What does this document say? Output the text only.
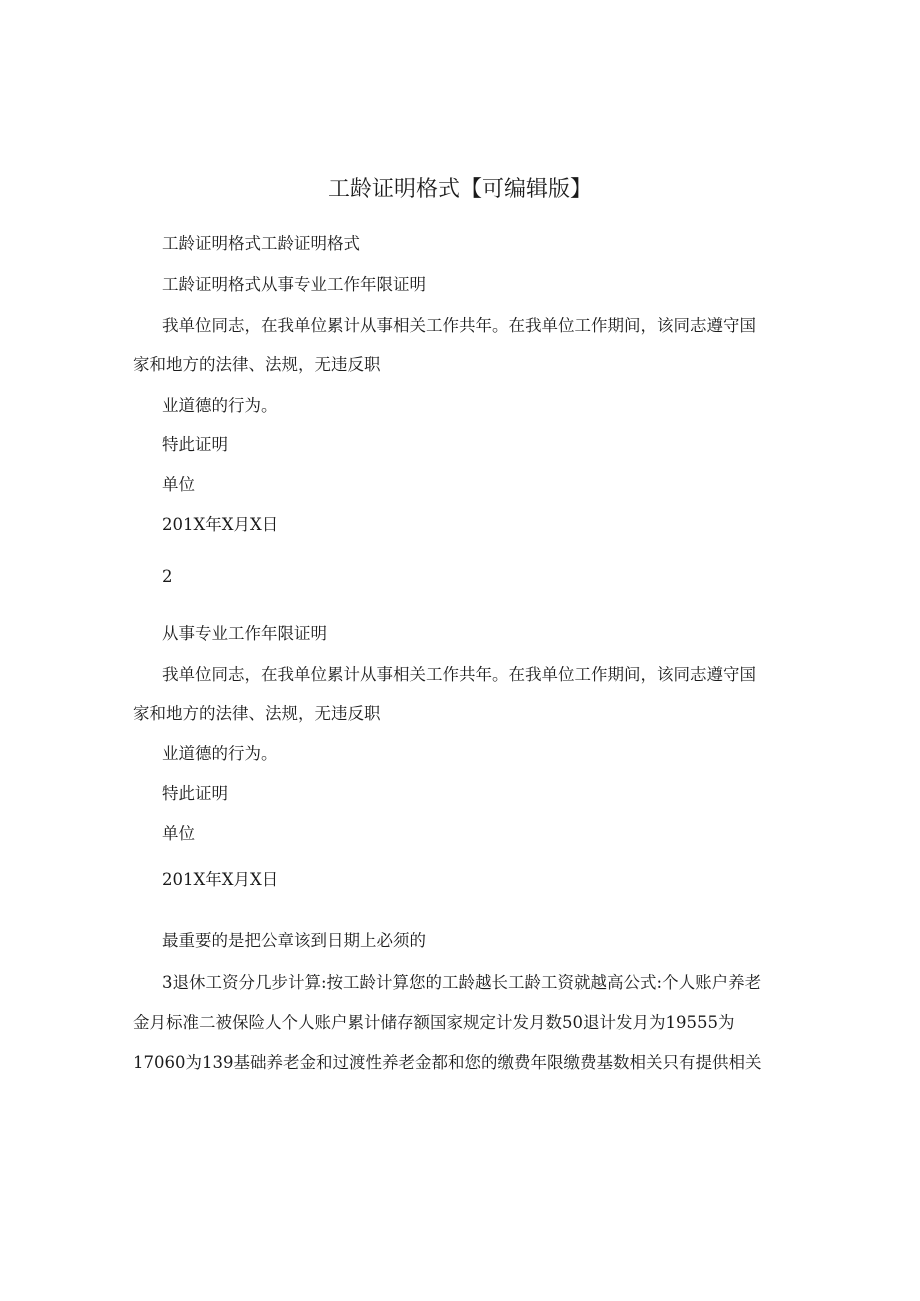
工龄证明格式【可编辑版】
工龄证明格式工龄证明格式
工龄证明格式从事专业工作年限证明
我单位同志，在我单位累计从事相关工作共年。在我单位工作期间，该同志遵守国
家和地方的法律、法规，无违反职
业道德的行为。
特此证明
单位
201X年X月X日
2
从事专业工作年限证明
我单位同志，在我单位累计从事相关工作共年。在我单位工作期间，该同志遵守国
家和地方的法律、法规，无违反职
业道德的行为。
特此证明
单位
201X年X月X日
最重要的是把公章该到日期上必须的
3退休工资分几步计算:按工龄计算您的工龄越长工龄工资就越高公式:个人账户养老
金月标准二被保险人个人账户累计储存额国家规定计发月数50退计发月为19555为
17060为139基础养老金和过渡性养老金都和您的缴费年限缴费基数相关只有提供相关
